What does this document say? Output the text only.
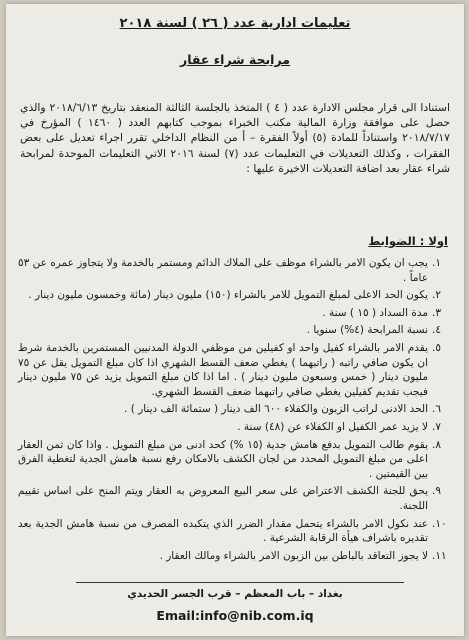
تعليمات ادارية عدد ( ٢٦ ) لسنة ٢٠١٨
مرابحة شراء عقار
استنادا الى قرار مجلس الادارة عدد ( ٤ ) المتخذ بالجلسة الثالثة المنعقد بتاريخ ٢٠١٨/٦/١٣ والذي حصل على موافقة وزارة المالية مكتب الخبراء بموجب كتابهم العدد ( ١٤٦٠ ) المؤرخ في ٢٠١٨/٧/١٧ واستناداً للمادة (٥) أولاً الفقرة – أ من النظام الداخلي تقرر اجراء تعديل على بعض الفقرات ، وكذلك التعديلات في التعليمات عدد (٧) لسنة ٢٠١٦ الاتي التعليمات الموحدة لمرابحة شراء عقار بعد اضافة التعديلات الاخيرة عليها :
اولا : الضوابط
١.
يجب ان يكون الامر بالشراء موظف على الملاك الدائم ومستمر بالخدمة ولا يتجاوز عمره عن ٥٣ عاماً .
٢.
يكون الحد الاعلى لمبلغ التمويل للامر بالشراء (١٥٠) مليون دينار (مائة وخمسون مليون دينار .
٣.
مدة السداد ( ١٥ ) سنة .
٤.
نسبة المرابحة (٤%) سنويا .
٥.
يقدم الامر بالشراء كفيل واحد او كفيلين من موظفي الدولة المدنيين المستمرين بالخدمة شرط ان يكون صافي راتبه ( راتبهما ) يغطي ضعف القسط الشهري اذا كان مبلغ التمويل يقل عن ٧٥ مليون دينار ( خمس وسبعون مليون دينار ) . اما اذا كان مبلغ التمويل يزيد عن ٧٥ مليون دينار فيجب تقديم كفيلين يغطي صافي راتبهما ضعف القسط الشهري.
٦.
الحد الادنى لراتب الزبون والكفلاء ٦٠٠ الف دينار ( ستمائة الف دينار ) .
٧.
لا يزيد عمر الكفيل او الكفلاء عن (٤٨) سنة .
٨.
يقوم طالب التمويل بدفع هامش جدية (١٥ %) كحد ادنى من مبلغ التمويل . واذا كان ثمن العقار اعلى من مبلغ التمويل المحدد من لجان الكشف بالامكان رفع نسبة هامش الجدية لتغطية الفرق بين القيمتين .
٩.
يحق للجنة الكشف الاعتراض على سعر البيع المعروض به العقار ويتم المنح على اساس تقييم اللجنة.
١٠.
عند نكول الامر بالشراء يتحمل مقدار الضرر الذي يتكبده المصرف من نسبة هامش الجدية بعد تقديره باشراف هيأة الرقابة الشرعية .
١١.
لا يجوز التعاقد بالباطن بين الزبون الامر بالشراء ومالك العقار .
بغداد – باب المعظم – قرب الجسر الحديدي
Email:info@nib.com.iq
